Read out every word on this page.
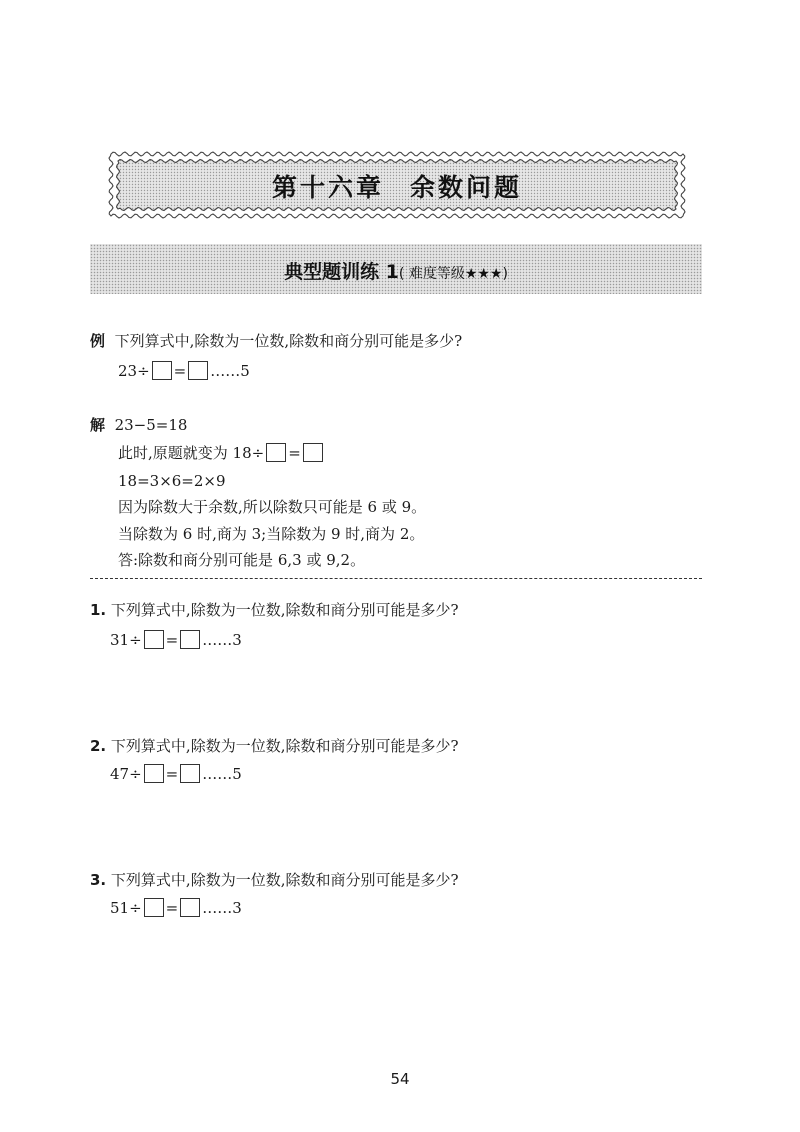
第十六章 余数问题
典型题训练 1( 难度等级★★★)
例 下列算式中,除数为一位数,除数和商分别可能是多少?
23÷ = ……5
解 23−5=18
此时,原题就变为 18÷ =
18=3×6=2×9
因为除数大于余数,所以除数只可能是 6 或 9。
当除数为 6 时,商为 3;当除数为 9 时,商为 2。
答:除数和商分别可能是 6,3 或 9,2。
1. 下列算式中,除数为一位数,除数和商分别可能是多少?
31÷ = ……3
2. 下列算式中,除数为一位数,除数和商分别可能是多少?
47÷ = ……5
3. 下列算式中,除数为一位数,除数和商分别可能是多少?
51÷ = ……3
54
